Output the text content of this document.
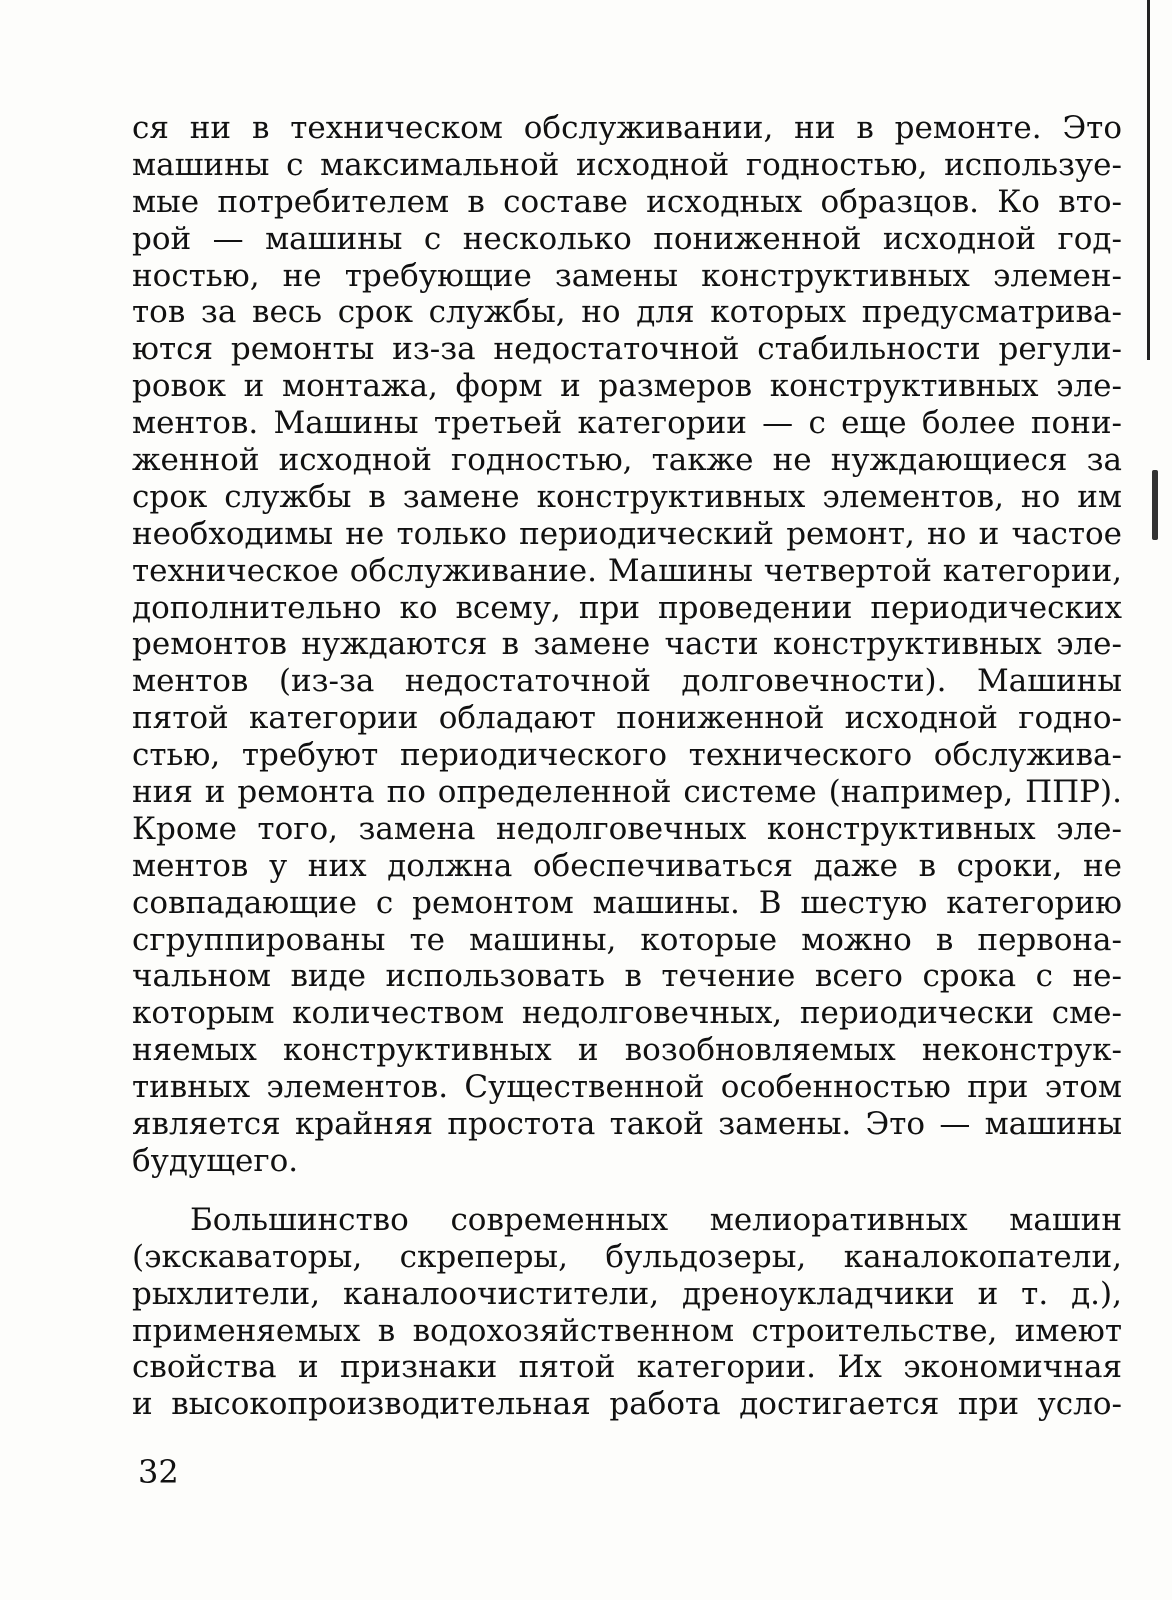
ся ни в техническом обслуживании, ни в ремонте. Это
машины с максимальной исходной годностью, используе-
мые потребителем в составе исходных образцов. Ко вто-
рой — машины с несколько пониженной исходной год-
ностью, не требующие замены конструктивных элемен-
тов за весь срок службы, но для которых предусматрива-
ются ремонты из-за недостаточной стабильности регули-
ровок и монтажа, форм и размеров конструктивных эле-
ментов. Машины третьей категории — с еще более пони-
женной исходной годностью, также не нуждающиеся за
срок службы в замене конструктивных элементов, но им
необходимы не только периодический ремонт, но и частое
техническое обслуживание. Машины четвертой категории,
дополнительно ко всему, при проведении периодических
ремонтов нуждаются в замене части конструктивных эле-
ментов (из-за недостаточной долговечности). Машины
пятой категории обладают пониженной исходной годно-
стью, требуют периодического технического обслужива-
ния и ремонта по определенной системе (например, ППР).
Кроме того, замена недолговечных конструктивных эле-
ментов у них должна обеспечиваться даже в сроки, не
совпадающие с ремонтом машины. В шестую категорию
сгруппированы те машины, которые можно в первона-
чальном виде использовать в течение всего срока с не-
которым количеством недолговечных, периодически сме-
няемых конструктивных и возобновляемых неконструк-
тивных элементов. Существенной особенностью при этом
является крайняя простота такой замены. Это — машины
будущего.
Большинство современных мелиоративных машин
(экскаваторы, скреперы, бульдозеры, каналокопатели,
рыхлители, каналоочистители, дреноукладчики и т. д.),
применяемых в водохозяйственном строительстве, имеют
свойства и признаки пятой категории. Их экономичная
и высокопроизводительная работа достигается при усло-
32
